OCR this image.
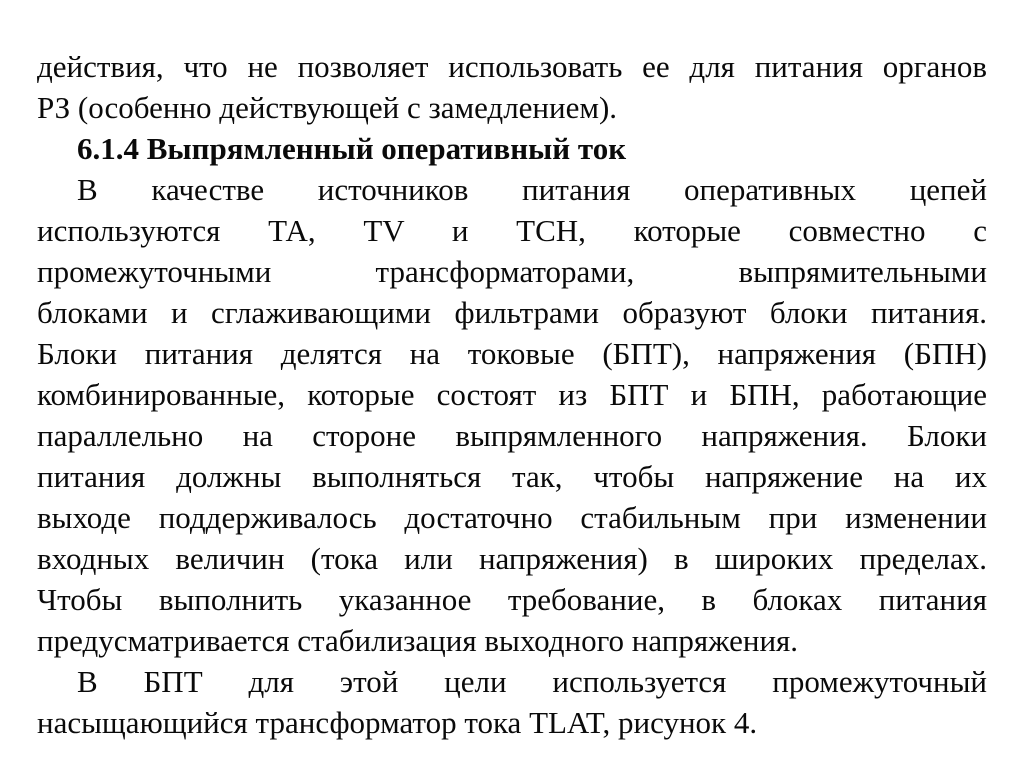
действия, что не позволяет использовать ее для питания органов
РЗ (особенно действующей с замедлением).
6.1.4 Выпрямленный оперативный ток
В качестве источников питания оперативных цепей
используются ТА, TV и ТСН, которые совместно с
промежуточными трансформаторами, выпрямительными
блоками и сглаживающими фильтрами образуют блоки питания.
Блоки питания делятся на токовые (БПТ), напряжения (БПН)
комбинированные, которые состоят из БПТ и БПН, работающие
параллельно на стороне выпрямленного напряжения. Блоки
питания должны выполняться так, чтобы напряжение на их
выходе поддерживалось достаточно стабильным при изменении
входных величин (тока или напряжения) в широких пределах.
Чтобы выполнить указанное требование, в блоках питания
предусматривается стабилизация выходного напряжения.
В БПТ для этой цели используется промежуточный
насыщающийся трансформатор тока TLAT, рисунок 4.
